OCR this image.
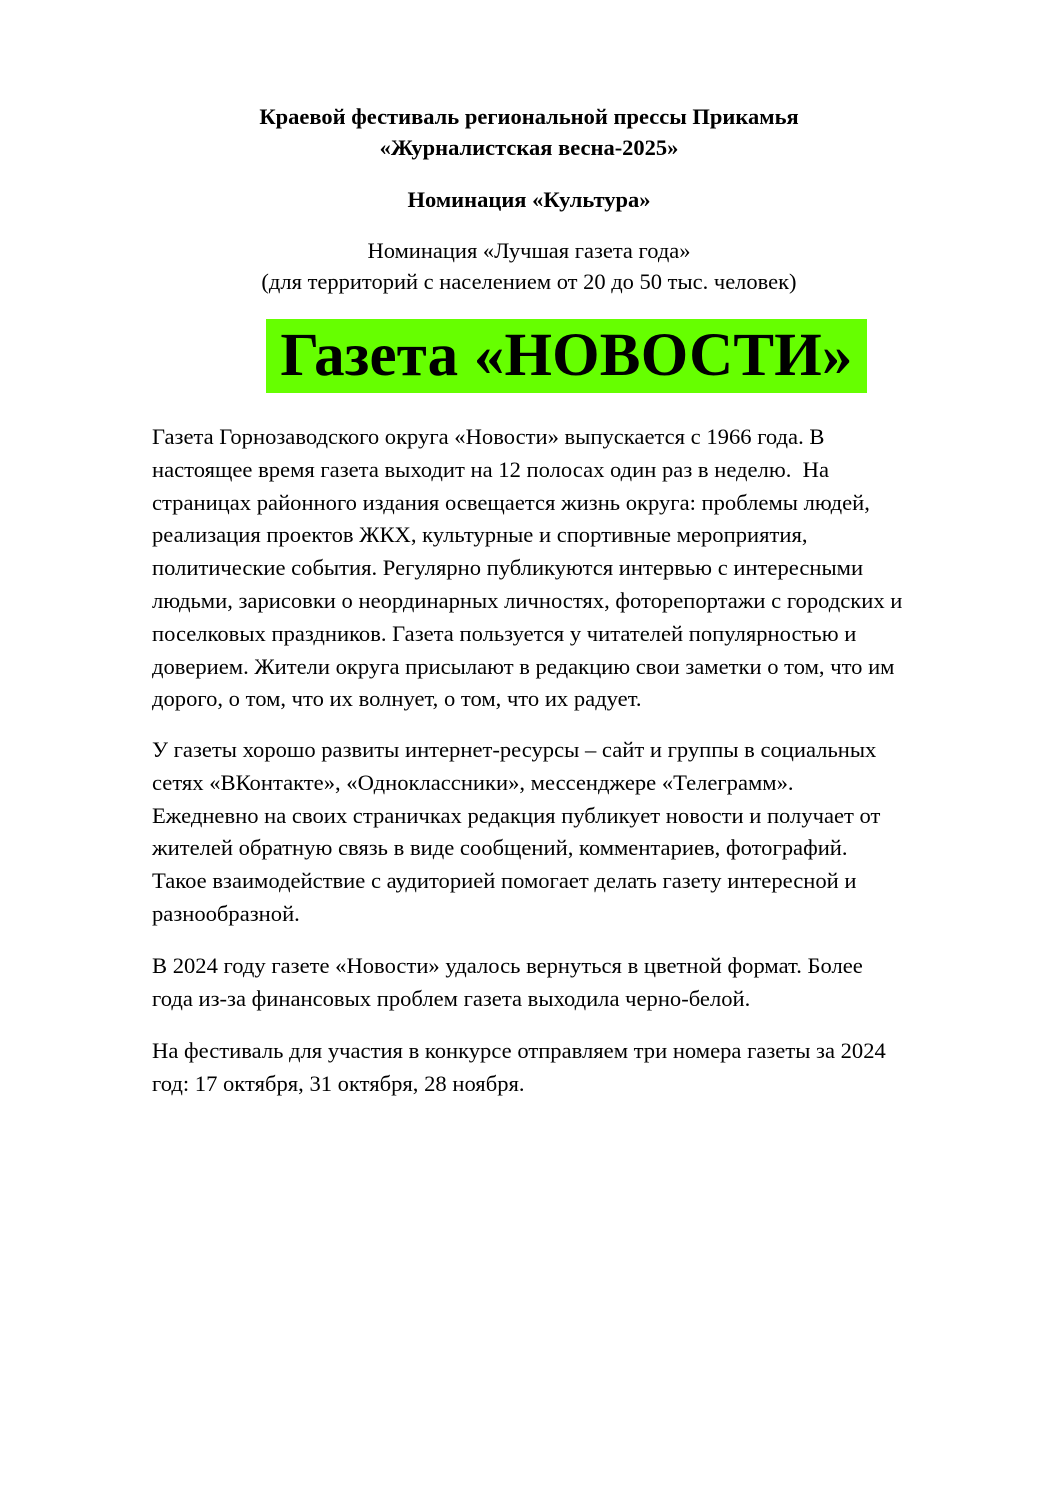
Краевой фестиваль региональной прессы Прикамья
«Журналистская весна-2025»
Номинация «Культура»
Номинация «Лучшая газета года»
(для территорий с населением от 20 до 50 тыс. человек)
Газета «НОВОСТИ»
Газета Горнозаводского округа «Новости» выпускается с 1966 года. В
настоящее время газета выходит на 12 полосах один раз в неделю.  На
страницах районного издания освещается жизнь округа: проблемы людей,
реализация проектов ЖКХ, культурные и спортивные мероприятия,
политические события. Регулярно публикуются интервью с интересными
людьми, зарисовки о неординарных личностях, фоторепортажи с городских и
поселковых праздников. Газета пользуется у читателей популярностью и
доверием. Жители округа присылают в редакцию свои заметки о том, что им
дорого, о том, что их волнует, о том, что их радует.
У газеты хорошо развиты интернет-ресурсы – сайт и группы в социальных
сетях «ВКонтакте», «Одноклассники», мессенджере «Телеграмм».
Ежедневно на своих страничках редакция публикует новости и получает от
жителей обратную связь в виде сообщений, комментариев, фотографий.
Такое взаимодействие с аудиторией помогает делать газету интересной и
разнообразной.
В 2024 году газете «Новости» удалось вернуться в цветной формат. Более
года из-за финансовых проблем газета выходила черно-белой.
На фестиваль для участия в конкурсе отправляем три номера газеты за 2024
год: 17 октября, 31 октября, 28 ноября.
